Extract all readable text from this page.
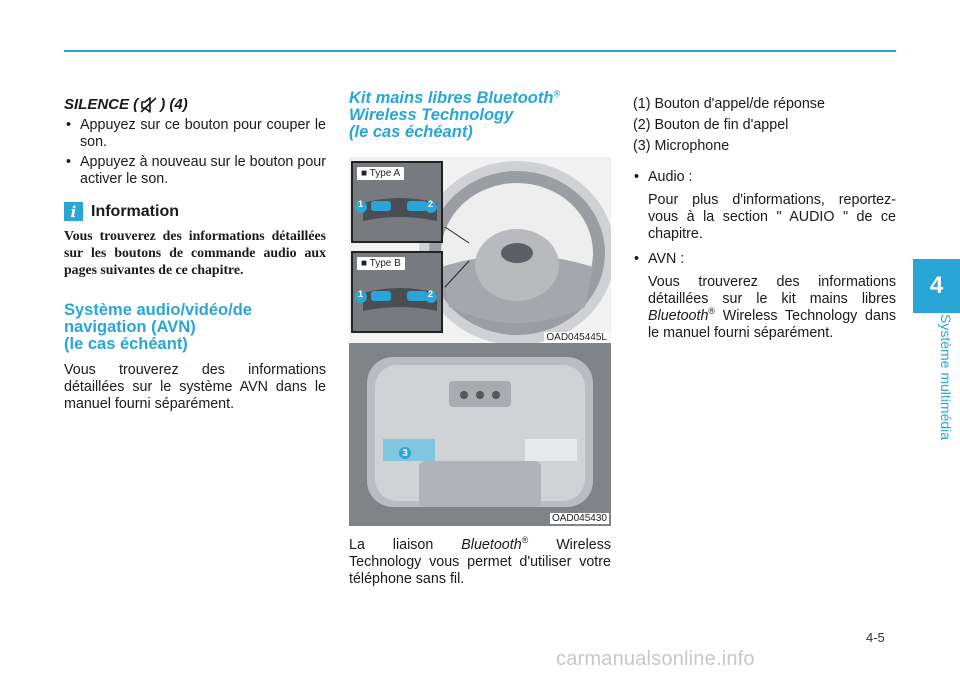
4
Système multimédia
SILENCE ( ) (4)
• Appuyez sur ce bouton pour couper le son.
• Appuyez à nouveau sur le bouton pour activer le son.
i Information
Vous trouverez des informations détaillées sur les boutons de commande audio aux pages suivantes de ce chapitre.
Système audio/vidéo/de
navigation (AVN)
(le cas échéant)
Vous trouverez des informations détaillées sur le système AVN dans le manuel fourni séparément.
Kit mains libres Bluetooth®
Wireless Technology
(le cas échéant)
■ Type A
1	2
■ Type B
1	2
OAD045445L
3
OAD045430
La liaison Bluetooth® Wireless Technology vous permet d'utiliser votre téléphone sans fil.
(1) Bouton d'appel/de réponse
(2) Bouton de fin d'appel
(3) Microphone
• Audio :
Pour plus d'informations, reportez-vous à la section " AUDIO " de ce chapitre.
• AVN :
Vous trouverez des informations détaillées sur le kit mains libres Bluetooth® Wireless Technology dans le manuel fourni séparément.
4-5
carmanualsonline.info
